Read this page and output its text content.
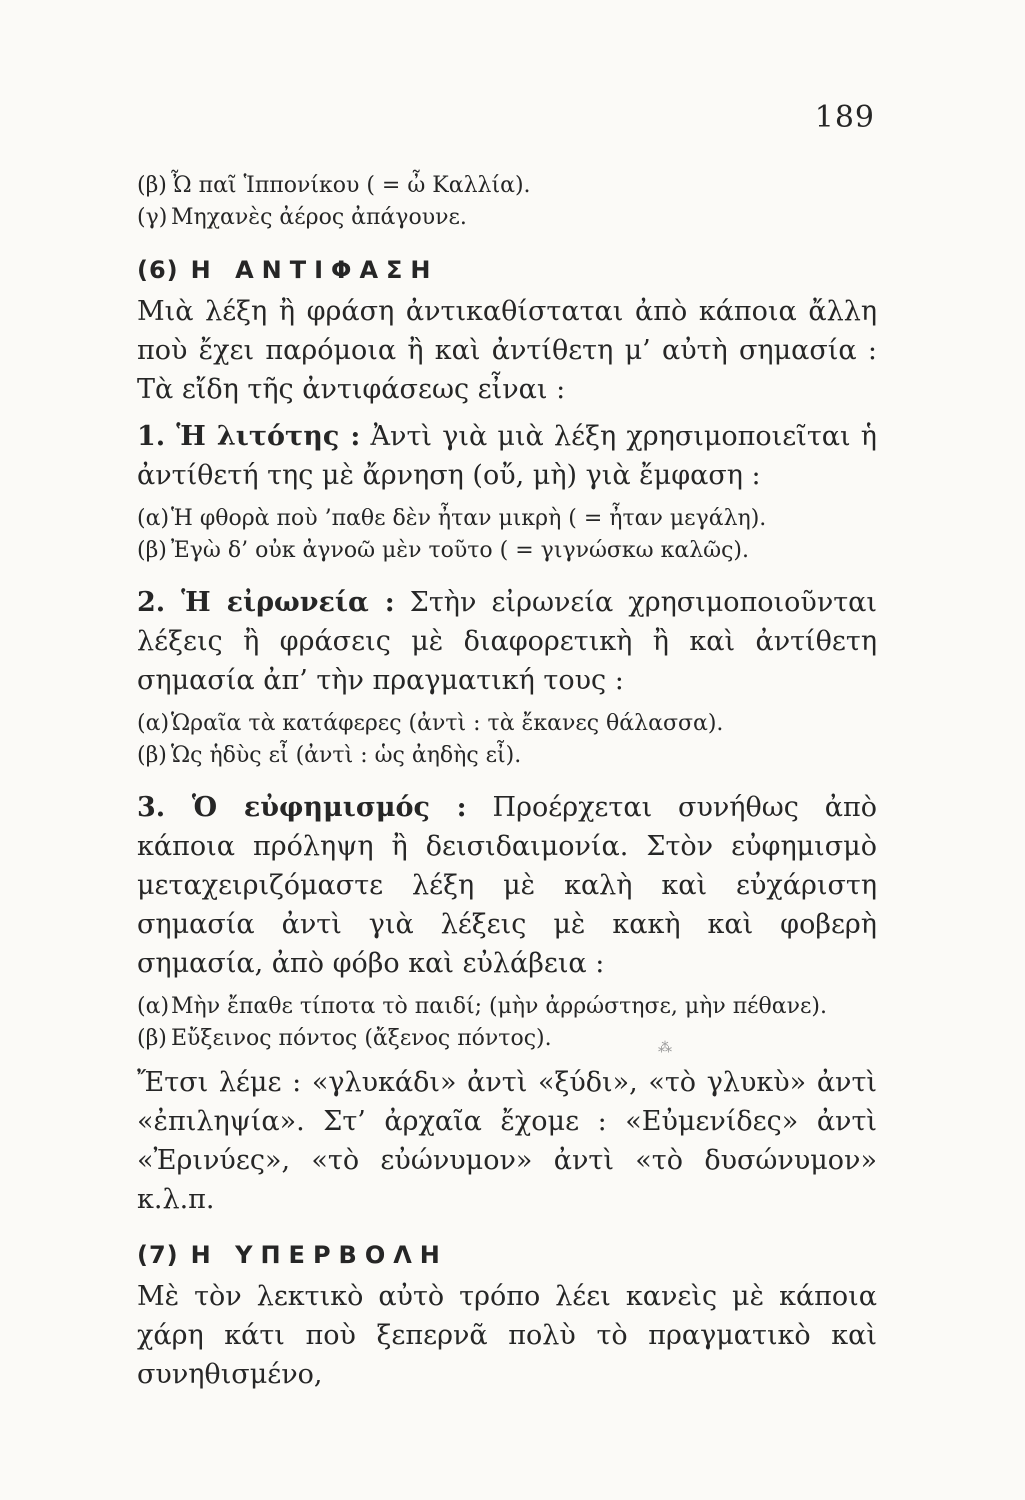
189

(β) Ὦ παῖ Ἱππονίκου ( = ὦ Καλλία).

(γ) Μηχανὲς ἀέρος ἀπάγουνε.

(6) Η ΑΝΤΙΦΑΣΗ

Μιὰ λέξη ἢ φράση ἀντικαθίσταται ἀπὸ κάποια ἄλλη ποὺ ἔχει παρόμοια ἢ καὶ ἀντίθετη μ’ αὐτὴ σημασία : Τὰ εἴδη τῆς ἀντιφάσεως εἶναι :

1. Ἡ λιτότης : Ἀντὶ γιὰ μιὰ λέξη χρησιμοποιεῖται ἡ ἀντίθετή της μὲ ἄρνηση (οὔ, μὴ) γιὰ ἔμφαση :

(α)Ἡ φθορὰ ποὺ ’παθε δὲν ἦταν μικρὴ ( = ἦταν μεγάλη).

(β) Ἐγὼ δ’ οὐκ ἀγνοῶ μὲν τοῦτο ( = γιγνώσκω καλῶς).

2. Ἡ εἰρωνεία : Στὴν εἰρωνεία χρησιμοποιοῦνται λέξεις ἢ φράσεις μὲ διαφορετικὴ ἢ καὶ ἀντίθετη σημασία ἀπ’ τὴν πραγματική τους :

(α)Ὡραῖα τὰ κατάφερες (ἀντὶ : τὰ ἔκανες θάλασσα).

(β) Ὡς ἡδὺς εἶ (ἀντὶ : ὡς ἀηδὴς εἶ).

3. Ὁ εὐφημισμός : Προέρχεται συνήθως ἀπὸ κάποια πρόληψη ἢ δεισιδαιμονία. Στὸν εὐφημισμὸ μεταχειριζόμαστε λέξη μὲ καλὴ καὶ εὐχάριστη σημασία ἀντὶ γιὰ λέξεις μὲ κακὴ καὶ φοβερὴ σημασία, ἀπὸ φόβο καὶ εὐλάβεια :

(α)Μὴν ἔπαθε τίποτα τὸ παιδί; (μὴν ἀρρώστησε, μὴν πέθανε).

(β) Εὔξεινος πόντος (ἄξενος πόντος).

Ἔτσι λέμε : «γλυκάδι» ἀντὶ «ξύδι», «τὸ γλυκὺ» ἀντὶ «ἐπιληψία». Στ’ ἀρχαῖα ἔχομε : «Εὐμενίδες» ἀντὶ «Ἐρινύες», «τὸ εὐώνυμον» ἀντὶ «τὸ δυσώνυμον» κ.λ.π.

(7) Η ΥΠΕΡΒΟΛΗ

Μὲ τὸν λεκτικὸ αὐτὸ τρόπο λέει κανεὶς μὲ κάποια χάρη κάτι ποὺ ξεπερνᾶ πολὺ τὸ πραγματικὸ καὶ συνηθισμένο,

⁂
